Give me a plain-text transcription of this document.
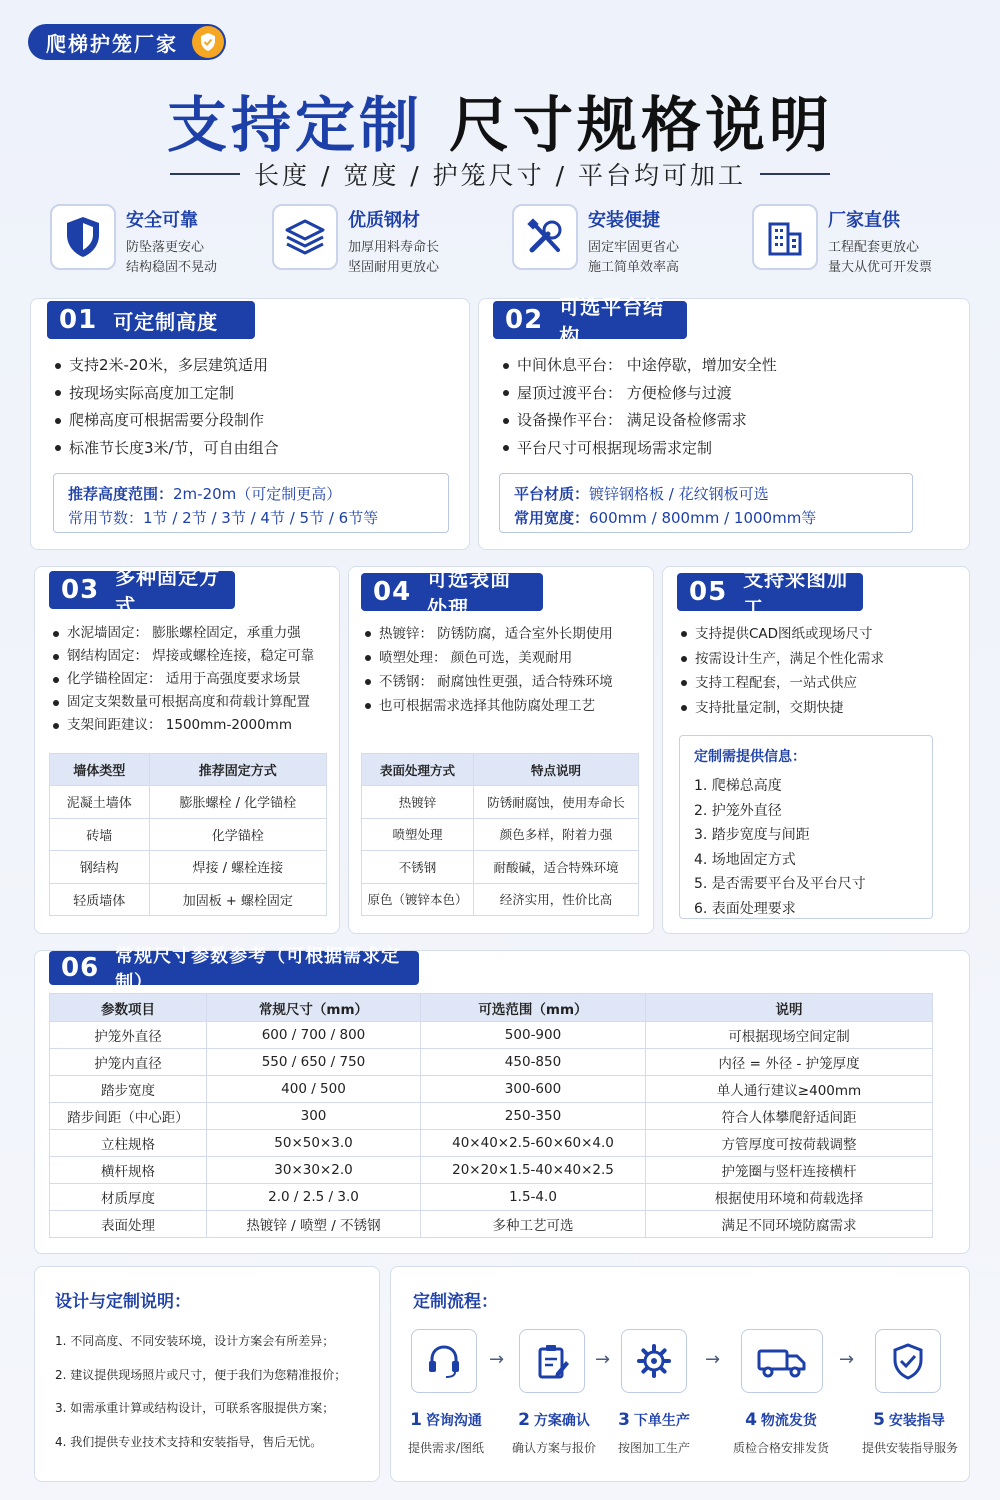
爬梯护笼厂家
支持定制 尺寸规格说明
长度 / 宽度 / 护笼尺寸 / 平台均可加工
安全可靠
防坠落更安心
结构稳固不晃动
优质钢材
加厚用料寿命长
坚固耐用更放心
安装便捷
固定牢固更省心
施工简单效率高
厂家直供
工程配套更放心
量大从优可开发票
01 可定制高度
支持2米-20米，多层建筑适用
按现场实际高度加工定制
爬梯高度可根据需要分段制作
标准节长度3米/节，可自由组合
推荐高度范围：2m-20m（可定制更高）
常用节数：1节 / 2节 / 3节 / 4节 / 5节 / 6节等
02 可选平台结构
中间休息平台： 中途停歇，增加安全性
屋顶过渡平台： 方便检修与过渡
设备操作平台： 满足设备检修需求
平台尺寸可根据现场需求定制
平台材质：镀锌钢格板 / 花纹钢板可选
常用宽度：600mm / 800mm / 1000mm等
03 多种固定方式
水泥墙固定： 膨胀螺栓固定，承重力强
钢结构固定： 焊接或螺栓连接，稳定可靠
化学锚栓固定： 适用于高强度要求场景
固定支架数量可根据高度和荷载计算配置
支架间距建议： 1500mm-2000mm
墙体类型	推荐固定方式
泥凝土墙体	膨胀螺栓 / 化学锚栓
砖墙	化学锚栓
钢结构	焊接 / 螺栓连接
轻质墙体	加固板 + 螺栓固定
04 可选表面处理
热镀锌： 防锈防腐，适合室外长期使用
喷塑处理： 颜色可选，美观耐用
不锈钢： 耐腐蚀性更强，适合特殊环境
也可根据需求选择其他防腐处理工艺
表面处理方式	特点说明
热镀锌	防锈耐腐蚀，使用寿命长
喷塑处理	颜色多样，附着力强
不锈钢	耐酸碱，适合特殊环境
原色（镀锌本色）	经济实用，性价比高
05 支持来图加工
支持提供CAD图纸或现场尺寸
按需设计生产，满足个性化需求
支持工程配套，一站式供应
支持批量定制，交期快捷
定制需提供信息：
1. 爬梯总高度
2. 护笼外直径
3. 踏步宽度与间距
4. 场地固定方式
5. 是否需要平台及平台尺寸
6. 表面处理要求
06 常规尺寸参数参考（可根据需求定制）
参数项目	常规尺寸（mm）	可选范围（mm）	说明
护笼外直径	600 / 700 / 800	500-900	可根据现场空间定制
护笼内直径	550 / 650 / 750	450-850	内径 = 外径 - 护笼厚度
踏步宽度	400 / 500	300-600	单人通行建议≥400mm
踏步间距（中心距）	300	250-350	符合人体攀爬舒适间距
立柱规格	50×50×3.0	40×40×2.5-60×60×4.0	方管厚度可按荷载调整
横杆规格	30×30×2.0	20×20×1.5-40×40×2.5	护笼圈与竖杆连接横杆
材质厚度	2.0 / 2.5 / 3.0	1.5-4.0	根据使用环境和荷载选择
表面处理	热镀锌 / 喷塑 / 不锈钢	多种工艺可选	满足不同环境防腐需求
设计与定制说明：
1. 不同高度、不同安装环境，设计方案会有所差异；
2. 建议提供现场照片或尺寸，便于我们为您精准报价；
3. 如需承重计算或结构设计，可联系客服提供方案；
4. 我们提供专业技术支持和安装指导，售后无忧。
定制流程：
→	→	→	→
1 咨询沟通
提供需求/图纸
2 方案确认
确认方案与报价
3 下单生产
按图加工生产
4 物流发货
质检合格安排发货
5 安装指导
提供安装指导服务
